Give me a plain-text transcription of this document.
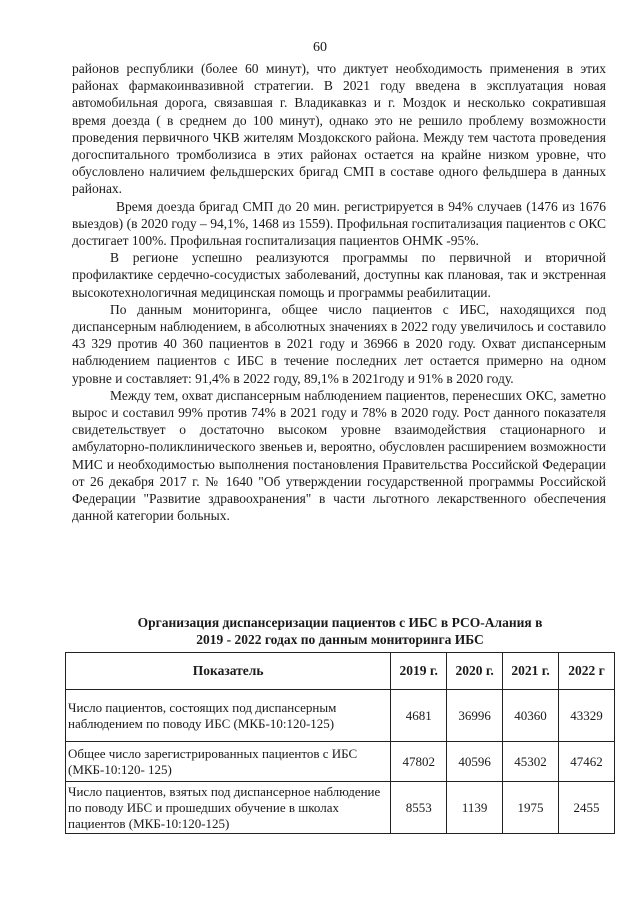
60

районов республики (более 60 минут), что диктует необходимость применения в этих районах фармакоинвазивной стратегии. В 2021 году введена в эксплуатация новая автомобильная дорога, связавшая г. Владикавказ и г. Моздок и несколько сократившая время доезда ( в среднем до 100 минут), однако это не решило проблему возможности проведения первичного ЧКВ жителям Моздокского района. Между тем частота проведения догоспитального тромболизиса в этих районах остается на крайне низком уровне, что обусловлено наличием фельдшерских бригад СМП в составе одного фельдшера в данных районах.

Время доезда бригад СМП до 20 мин. регистрируется в 94% случаев (1476 из 1676 выездов) (в 2020 году – 94,1%, 1468 из 1559). Профильная госпитализация пациентов с ОКС достигает 100%. Профильная госпитализация пациентов ОНМК -95%.

В регионе успешно реализуются программы по первичной и вторичной профилактике сердечно-сосудистых заболеваний, доступны как плановая, так и экстренная высокотехнологичная медицинская помощь и программы реабилитации.

По данным мониторинга, общее число пациентов с ИБС, находящихся под диспансерным наблюдением, в абсолютных значениях в 2022 году увеличилось и составило 43 329 против 40 360 пациентов в 2021 году и 36966 в 2020 году. Охват диспансерным наблюдением пациентов с ИБС в течение последних лет остается примерно на одном уровне и составляет: 91,4% в 2022 году, 89,1% в 2021году и 91% в 2020 году.

Между тем, охват диспансерным наблюдением пациентов, перенесших ОКС, заметно вырос и составил 99% против 74% в 2021 году и 78% в 2020 году. Рост данного показателя свидетельствует о достаточно высоком уровне взаимодействия стационарного и амбулаторно-поликлинического звеньев и, вероятно, обусловлен расширением возможности МИС и необходимостью выполнения постановления Правительства Российской Федерации от 26 декабря 2017 г. № 1640 "Об утверждении государственной программы Российской Федерации "Развитие здравоохранения" в части льготного лекарственного обеспечения данной категории больных.

Организация диспансеризации пациентов с ИБС в РСО-Алания в
2019 - 2022 годах по данным мониторинга ИБС
Показатель	2019 г.	2020 г.	2021 г.	2022 г
Число пациентов, состоящих под диспансерным наблюдением по поводу ИБС (МКБ-10:120-125)	4681	36996	40360	43329
Общее число зарегистрированных пациентов с ИБС (МКБ-10:120- 125)	47802	40596	45302	47462
Число пациентов, взятых под диспансерное наблюдение по поводу ИБС и прошедших обучение в школах пациентов (МКБ-10:120-125)	8553	1139	1975	2455
